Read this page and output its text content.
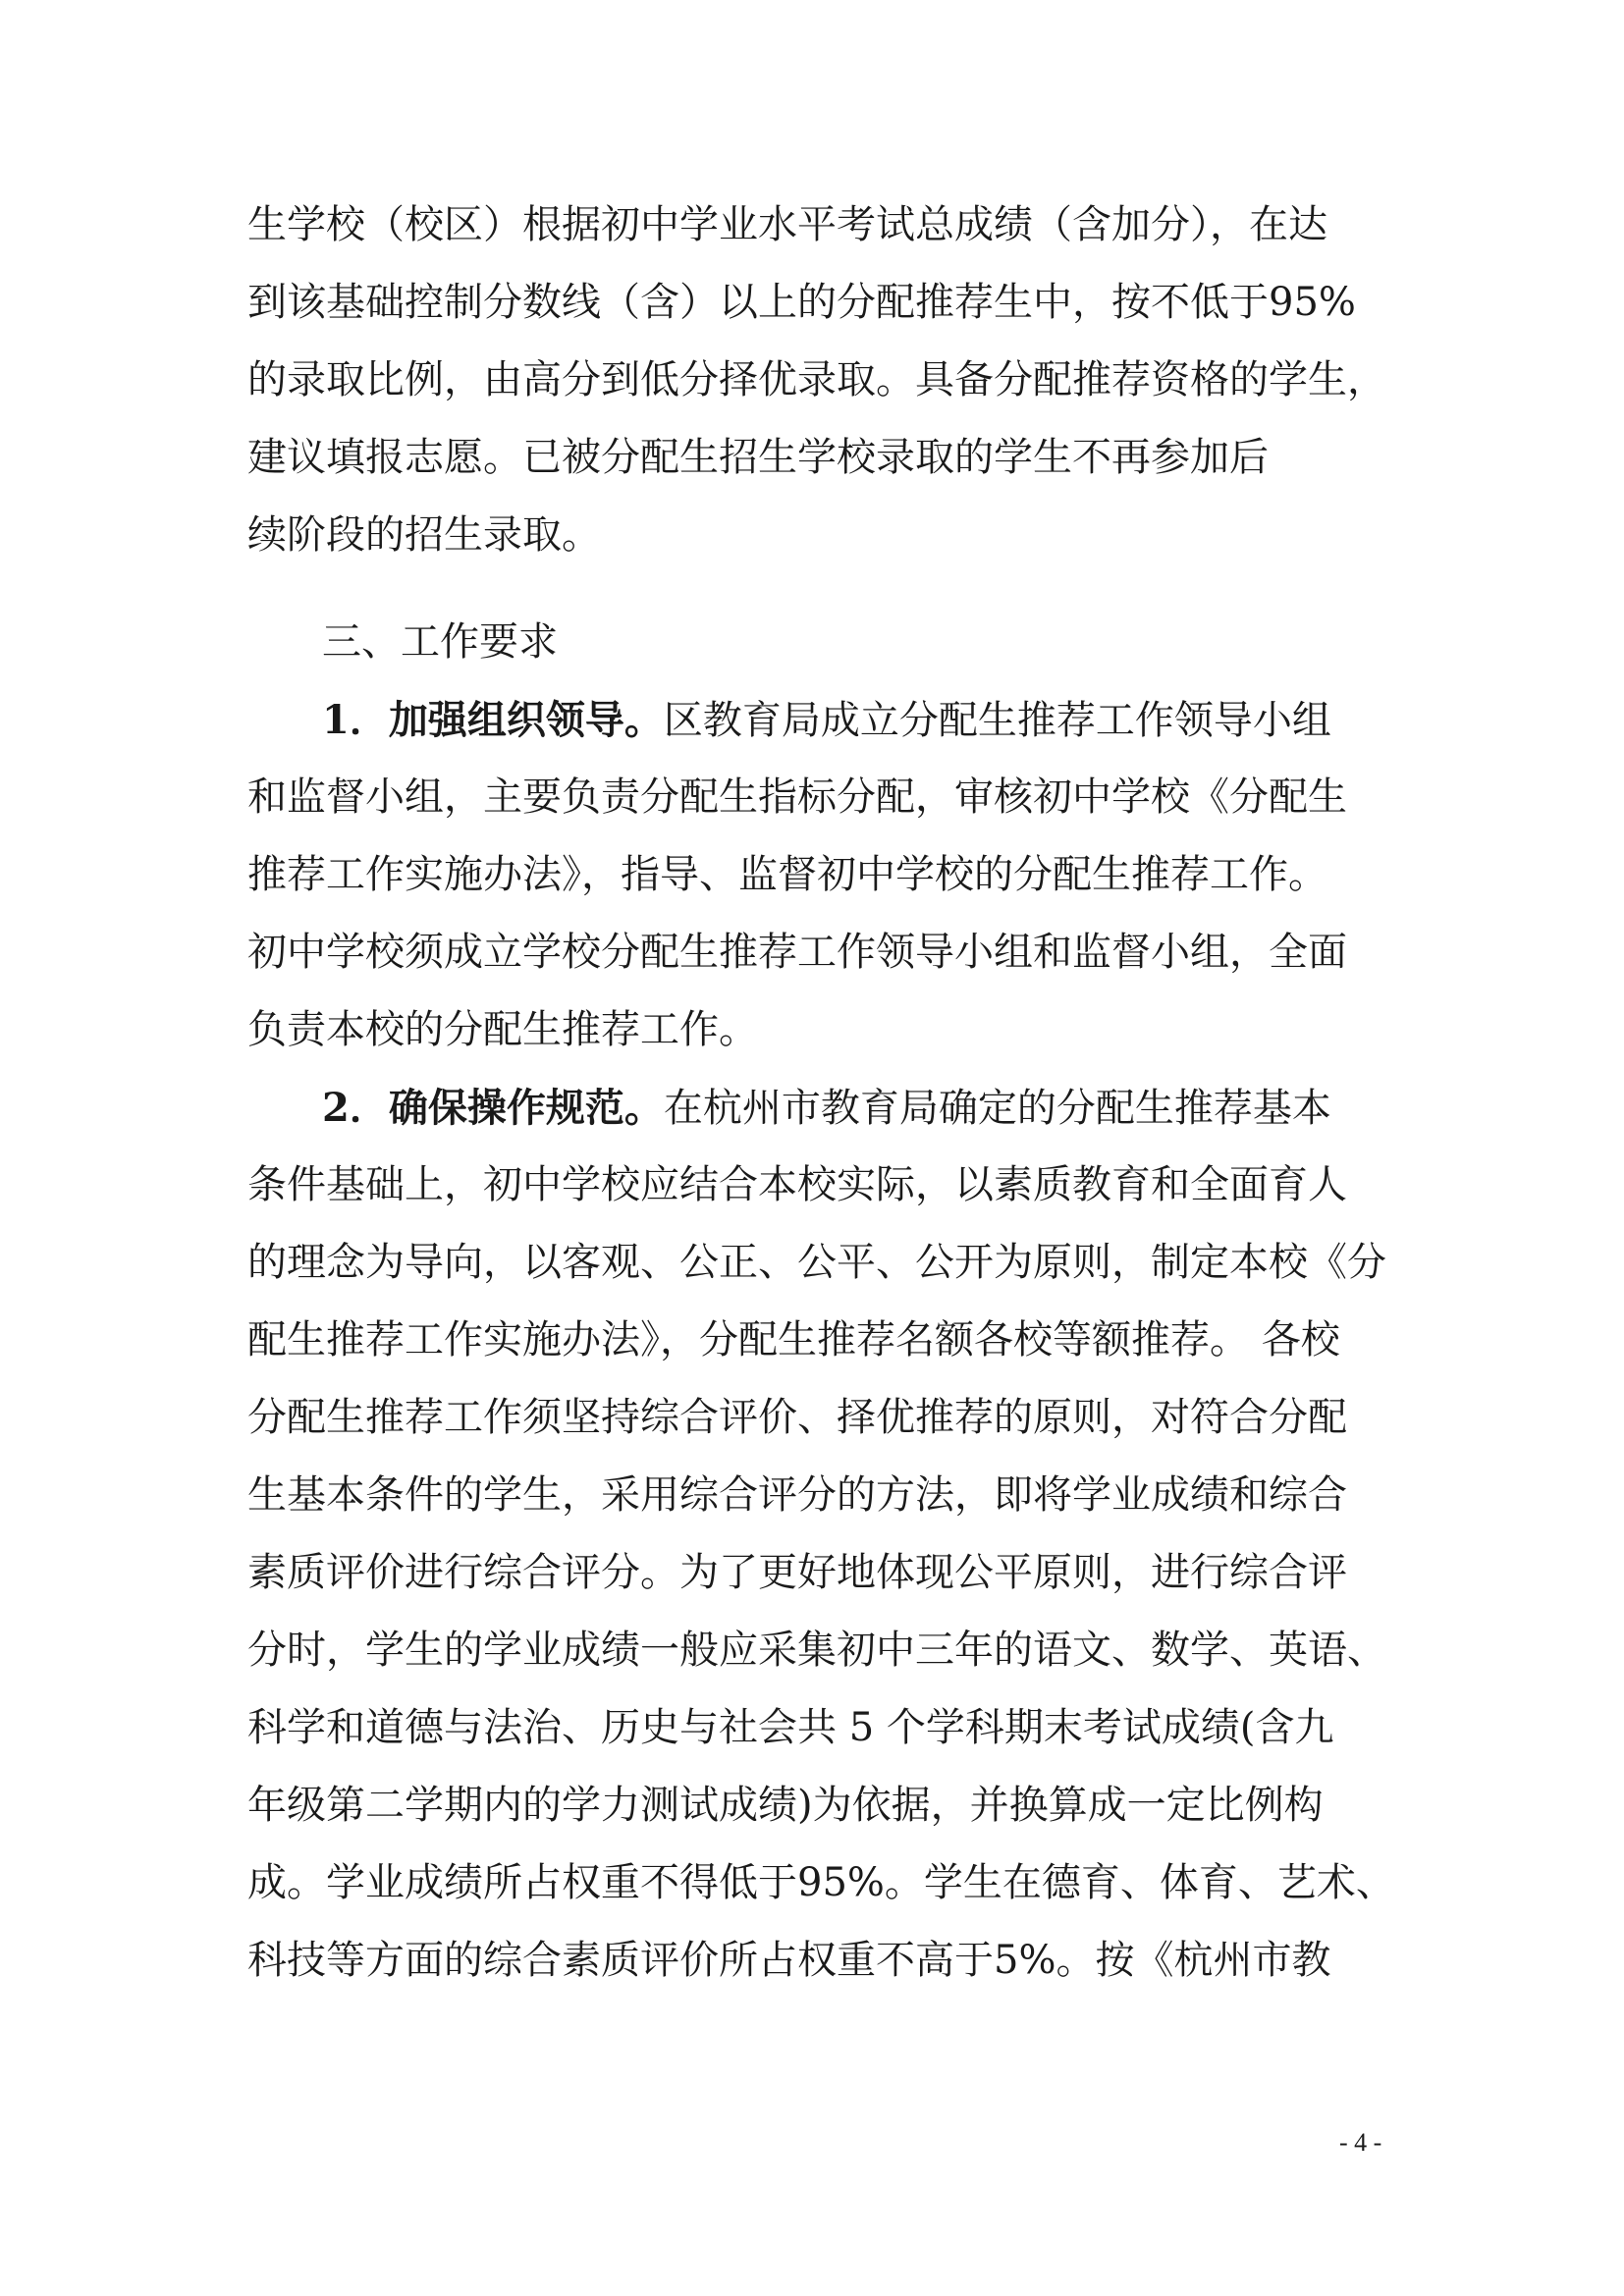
生学校（校区）根据初中学业水平考试总成绩（含加分），在达
到该基础控制分数线（含）以上的分配推荐生中，按不低于95%
的录取比例，由高分到低分择优录取。具备分配推荐资格的学生，
建议填报志愿。已被分配生招生学校录取的学生不再参加后
续阶段的招生录取。
三、工作要求
1．加强组织领导。区教育局成立分配生推荐工作领导小组
和监督小组，主要负责分配生指标分配，审核初中学校《分配生
推荐工作实施办法》，指导、监督初中学校的分配生推荐工作。
初中学校须成立学校分配生推荐工作领导小组和监督小组，全面
负责本校的分配生推荐工作。
2．确保操作规范。在杭州市教育局确定的分配生推荐基本
条件基础上，初中学校应结合本校实际，以素质教育和全面育人
的理念为导向，以客观、公正、公平、公开为原则，制定本校《分
配生推荐工作实施办法》，分配生推荐名额各校等额推荐。 各校
分配生推荐工作须坚持综合评价、择优推荐的原则，对符合分配
生基本条件的学生，采用综合评分的方法，即将学业成绩和综合
素质评价进行综合评分。为了更好地体现公平原则，进行综合评
分时，学生的学业成绩一般应采集初中三年的语文、数学、英语、
科学和道德与法治、历史与社会共 5 个学科期末考试成绩(含九
年级第二学期内的学力测试成绩)为依据，并换算成一定比例构
成。学业成绩所占权重不得低于95%。学生在德育、体育、艺术、
科技等方面的综合素质评价所占权重不高于5%。按《杭州市教
- 4 -
